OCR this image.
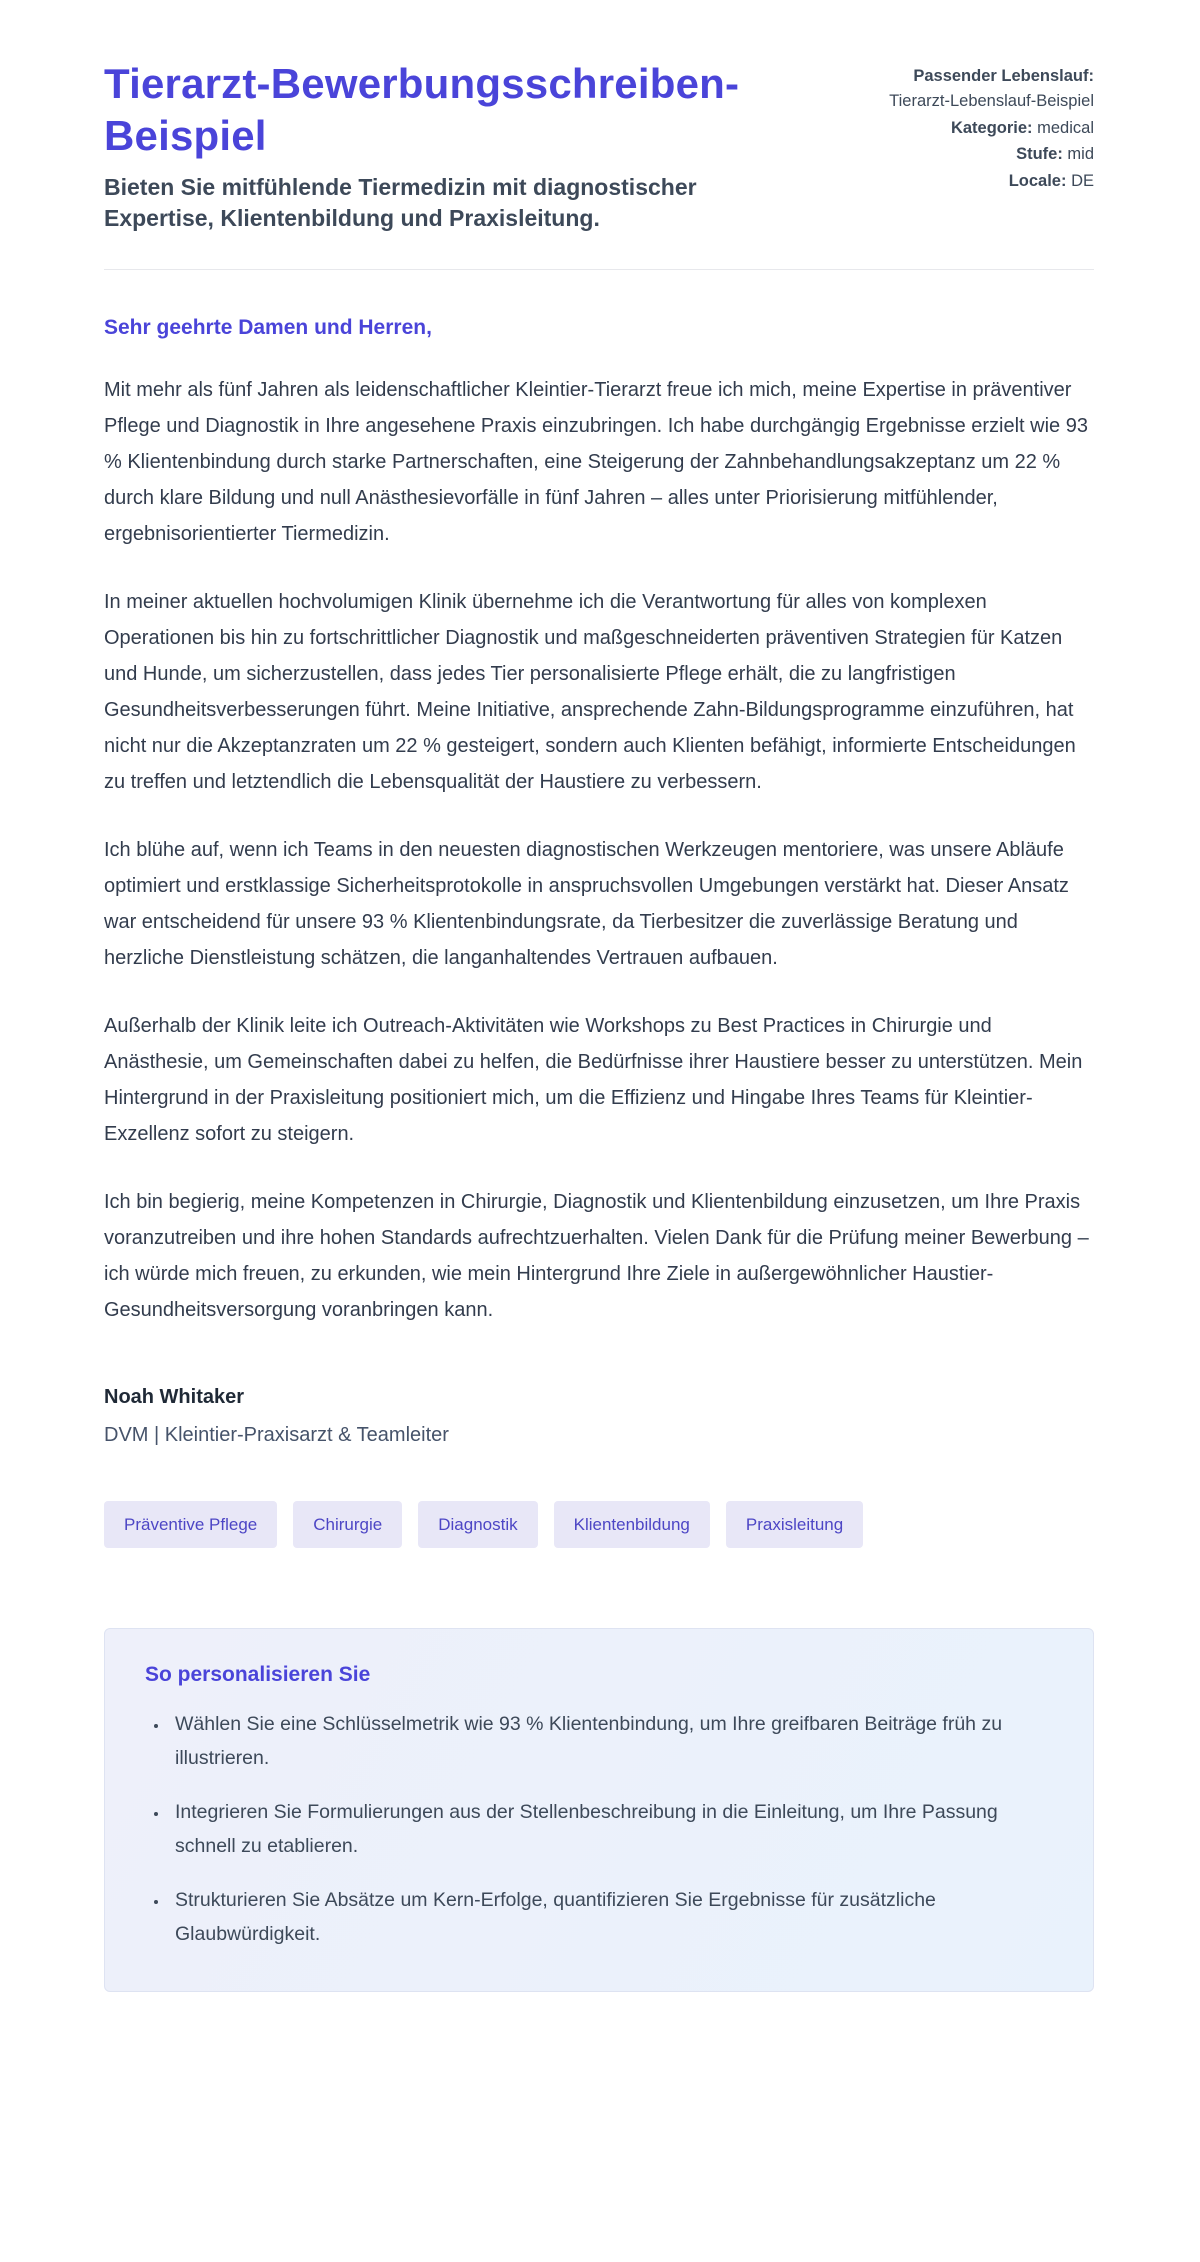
Tierarzt-Bewerbungsschreiben-Beispiel

Bieten Sie mitfühlende Tiermedizin mit diagnostischer Expertise, Klientenbildung und Praxisleitung.

Passender Lebenslauf: Tierarzt-Lebenslauf-Beispiel
Kategorie: medical
Stufe: mid
Locale: DE

Sehr geehrte Damen und Herren,

Mit mehr als fünf Jahren als leidenschaftlicher Kleintier-Tierarzt freue ich mich, meine Expertise in präventiver Pflege und Diagnostik in Ihre angesehene Praxis einzubringen. Ich habe durchgängig Ergebnisse erzielt wie 93 % Klientenbindung durch starke Partnerschaften, eine Steigerung der Zahnbehandlungsakzeptanz um 22 % durch klare Bildung und null Anästhesievorfälle in fünf Jahren – alles unter Priorisierung mitfühlender, ergebnisorientierter Tiermedizin.

In meiner aktuellen hochvolumigen Klinik übernehme ich die Verantwortung für alles von komplexen Operationen bis hin zu fortschrittlicher Diagnostik und maßgeschneiderten präventiven Strategien für Katzen und Hunde, um sicherzustellen, dass jedes Tier personalisierte Pflege erhält, die zu langfristigen Gesundheitsverbesserungen führt. Meine Initiative, ansprechende Zahn-Bildungsprogramme einzuführen, hat nicht nur die Akzeptanzraten um 22 % gesteigert, sondern auch Klienten befähigt, informierte Entscheidungen zu treffen und letztendlich die Lebensqualität der Haustiere zu verbessern.

Ich blühe auf, wenn ich Teams in den neuesten diagnostischen Werkzeugen mentoriere, was unsere Abläufe optimiert und erstklassige Sicherheitsprotokolle in anspruchsvollen Umgebungen verstärkt hat. Dieser Ansatz war entscheidend für unsere 93 % Klientenbindungsrate, da Tierbesitzer die zuverlässige Beratung und herzliche Dienstleistung schätzen, die langanhaltendes Vertrauen aufbauen.

Außerhalb der Klinik leite ich Outreach-Aktivitäten wie Workshops zu Best Practices in Chirurgie und Anästhesie, um Gemeinschaften dabei zu helfen, die Bedürfnisse ihrer Haustiere besser zu unterstützen. Mein Hintergrund in der Praxisleitung positioniert mich, um die Effizienz und Hingabe Ihres Teams für Kleintier-Exzellenz sofort zu steigern.

Ich bin begierig, meine Kompetenzen in Chirurgie, Diagnostik und Klientenbildung einzusetzen, um Ihre Praxis voranzutreiben und ihre hohen Standards aufrechtzuerhalten. Vielen Dank für die Prüfung meiner Bewerbung – ich würde mich freuen, zu erkunden, wie mein Hintergrund Ihre Ziele in außergewöhnlicher Haustier-Gesundheitsversorgung voranbringen kann.

Noah Whitaker

DVM | Kleintier-Praxisarzt & Teamleiter

Präventive Pflege	Chirurgie	Diagnostik	Klientenbildung	Praxisleitung
So personalisieren Sie
• Wählen Sie eine Schlüsselmetrik wie 93 % Klientenbindung, um Ihre greifbaren Beiträge früh zu illustrieren.
• Integrieren Sie Formulierungen aus der Stellenbeschreibung in die Einleitung, um Ihre Passung schnell zu etablieren.
• Strukturieren Sie Absätze um Kern-Erfolge, quantifizieren Sie Ergebnisse für zusätzliche Glaubwürdigkeit.
